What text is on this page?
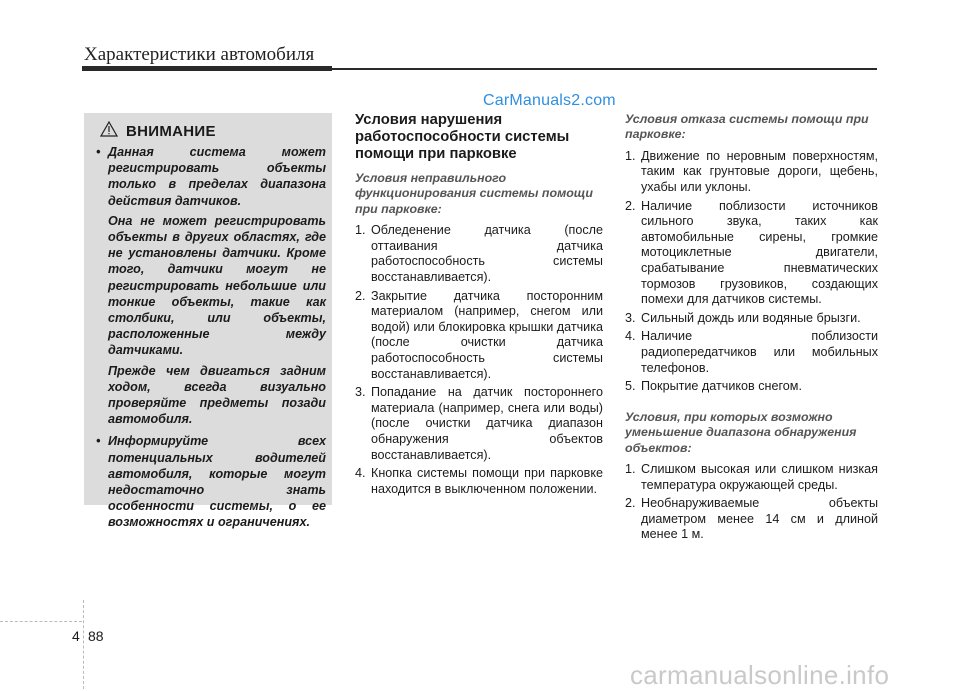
Характеристики автомобиля
CarManuals2.com
ВНИМАНИЕ
• Данная система может регистрировать объекты только в пределах диапазона действия датчиков.
Она не может регистрировать объекты в других областях, где не установлены датчики. Кроме того, датчики могут не регистрировать небольшие или тонкие объекты, такие как столбики, или объекты, расположенные между датчиками.
Прежде чем двигаться задним ходом, всегда визуально проверяйте предметы позади автомобиля.
• Информируйте всех потенциальных водителей автомобиля, которые могут недостаточно знать особенности системы, о ее возможностях и ограничениях.
Условия нарушения работоспособности системы помощи при парковке
Условия неправильного функционирования системы помощи при парковке:
1. Обледенение датчика (после оттаивания датчика работоспособность системы восстанавливается).
2. Закрытие датчика посторонним материалом (например, снегом или водой) или блокировка крышки датчика (после очистки датчика работоспособность системы восстанавливается).
3. Попадание на датчик постороннего материала (например, снега или воды) (после очистки датчика диапазон обнаружения объектов восстанавливается).
4. Кнопка системы помощи при парковке находится в выключенном положении.
Условия отказа системы помощи при парковке:
1. Движение по неровным поверхностям, таким как грунтовые дороги, щебень, ухабы или уклоны.
2. Наличие поблизости источников сильного звука, таких как автомобильные сирены, громкие мотоциклетные двигатели, срабатывание пневматических тормозов грузовиков, создающих помехи для датчиков системы.
3. Сильный дождь или водяные брызги.
4. Наличие поблизости радиопередатчиков или мобильных телефонов.
5. Покрытие датчиков снегом.
Условия, при которых возможно уменьшение диапазона обнаружения объектов:
1. Слишком высокая или слишком низкая температура окружающей среды.
2. Необнаруживаемые объекты диаметром менее 14 см и длиной менее 1 м.
4 88
carmanualsonline.info
